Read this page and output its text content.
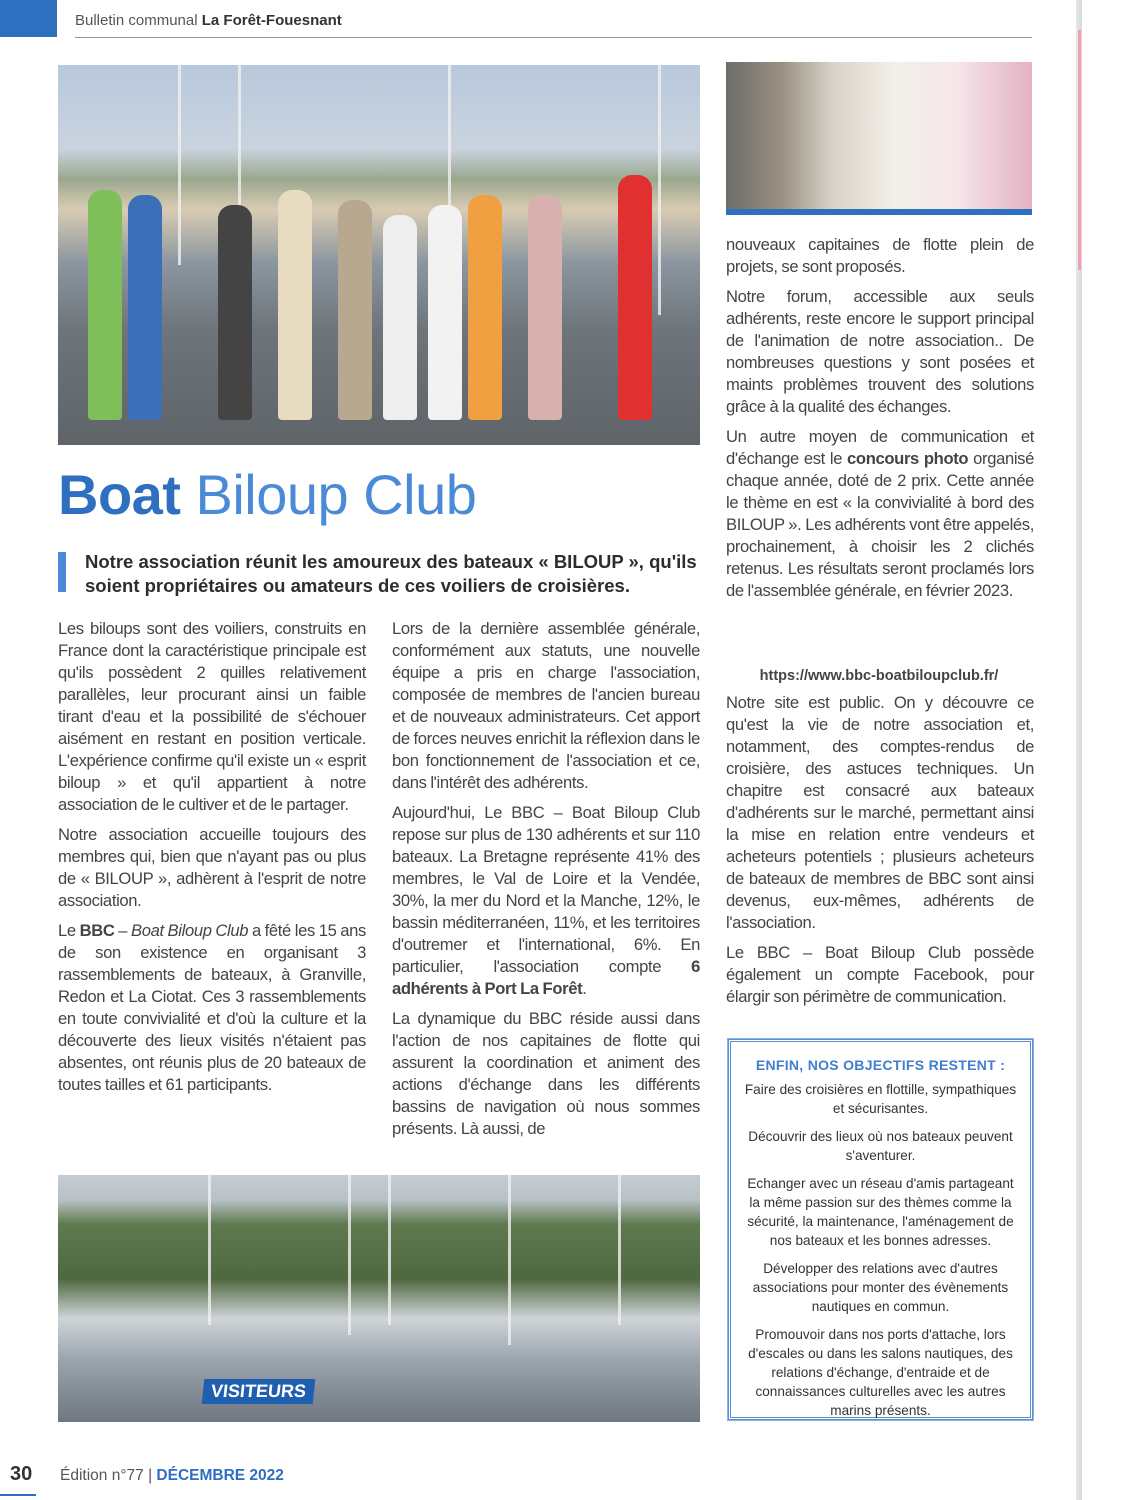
Bulletin communal La Forêt-Fouesnant
Boat Biloup Club
Notre association réunit les amoureux des bateaux « BILOUP », qu'ils soient propriétaires ou amateurs de ces voiliers de croisières.

Les biloups sont des voiliers, construits en France dont la caractéristique principale est qu'ils possèdent 2 quilles relativement parallèles, leur procurant ainsi un faible tirant d'eau et la possibilité de s'échouer aisément en restant en position verticale. L'expérience confirme qu'il existe un « esprit biloup » et qu'il appartient à notre association de le cultiver et de le partager.

Notre association accueille toujours des membres qui, bien que n'ayant pas ou plus de « BILOUP », adhèrent à l'esprit de notre association.

Le BBC – Boat Biloup Club a fêté les 15 ans de son existence en organisant 3 rassemblements de bateaux, à Granville, Redon et La Ciotat. Ces 3 rassemblements en toute convivialité et d'où la culture et la découverte des lieux visités n'étaient pas absentes, ont réunis plus de 20 bateaux de toutes tailles et 61 participants.

Lors de la dernière assemblée générale, conformément aux statuts, une nouvelle équipe a pris en charge l'association, composée de membres de l'ancien bureau et de nouveaux administrateurs. Cet apport de forces neuves enrichit la réflexion dans le bon fonctionnement de l'association et ce, dans l'intérêt des adhérents.

Aujourd'hui, Le BBC – Boat Biloup Club repose sur plus de 130 adhérents et sur 110 bateaux. La Bretagne représente 41% des membres, le Val de Loire et la Vendée, 30%, la mer du Nord et la Manche, 12%, le bassin méditerranéen, 11%, et les territoires d'outremer et l'international, 6%. En particulier, l'association compte 6 adhérents à Port La Forêt.

La dynamique du BBC réside aussi dans l'action de nos capitaines de flotte qui assurent la coordination et animent des actions d'échange dans les différents bassins de navigation où nous sommes présents. Là aussi, de

nouveaux capitaines de flotte plein de projets, se sont proposés.

Notre forum, accessible aux seuls adhérents, reste encore le support principal de l'animation de notre association.. De nombreuses questions y sont posées et maints problèmes trouvent des solutions grâce à la qualité des échanges.

Un autre moyen de communication et d'échange est le concours photo organisé chaque année, doté de 2 prix. Cette année le thème en est « la convivialité à bord des BILOUP ». Les adhérents vont être appelés, prochainement, à choisir les 2 clichés retenus. Les résultats seront proclamés lors de l'assemblée générale, en février 2023.

https://www.bbc-boatbiloupclub.fr/

Notre site est public. On y découvre ce qu'est la vie de notre association et, notamment, des comptes-rendus de croisière, des astuces techniques. Un chapitre est consacré aux bateaux d'adhérents sur le marché, permettant ainsi la mise en relation entre vendeurs et acheteurs potentiels ; plusieurs acheteurs de bateaux de membres de BBC sont ainsi devenus, eux-mêmes, adhérents de l'association.

Le BBC – Boat Biloup Club possède également un compte Facebook, pour élargir son périmètre de communication.

ENFIN, NOS OBJECTIFS RESTENT :

Faire des croisières en flottille, sympathiques et sécurisantes.

Découvrir des lieux où nos bateaux peuvent s'aventurer.

Echanger avec un réseau d'amis partageant la même passion sur des thèmes comme la sécurité, la maintenance, l'aménagement de nos bateaux et les bonnes adresses.

Développer des relations avec d'autres associations pour monter des évènements nautiques en commun.

Promouvoir dans nos ports d'attache, lors d'escales ou dans les salons nautiques, des relations d'échange, d'entraide et de connaissances culturelles avec les autres marins présents.

VISITEURS
30 Édition n°77 | DÉCEMBRE 2022
